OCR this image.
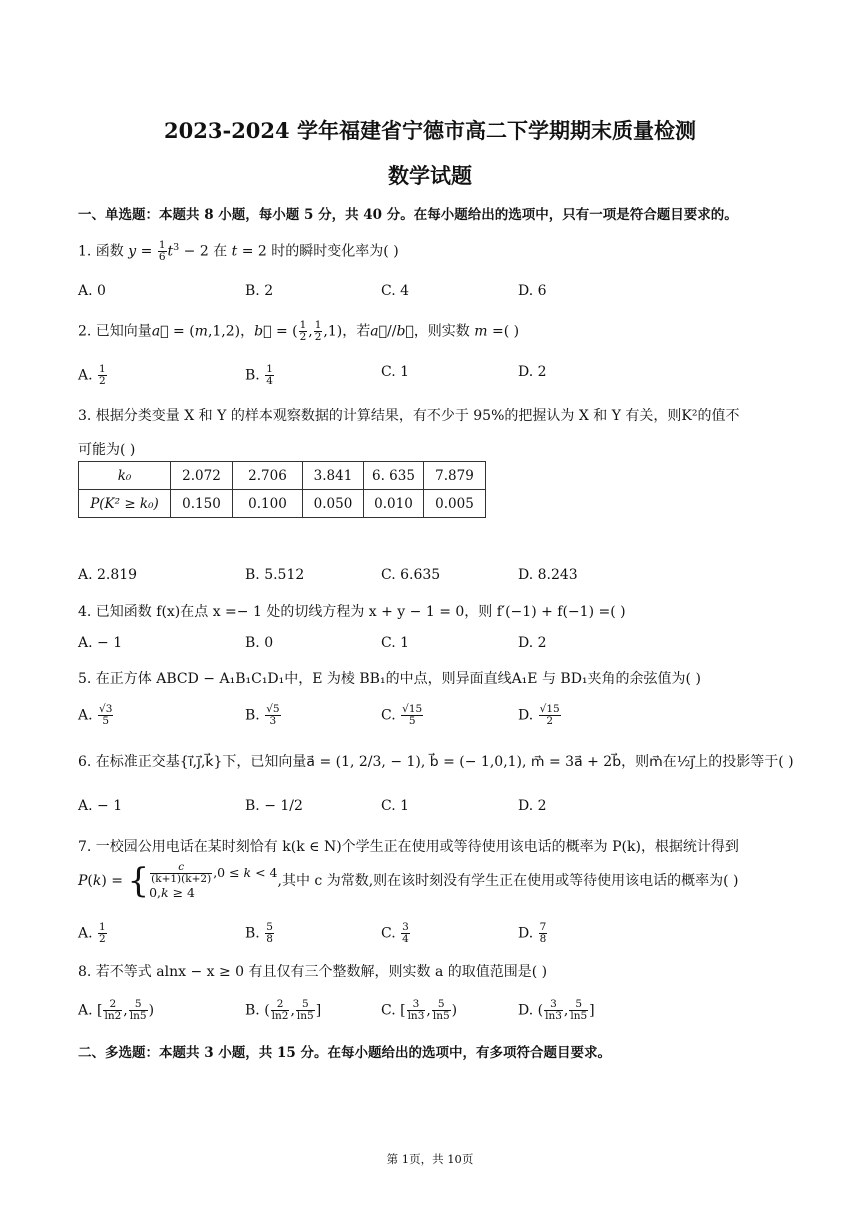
2023-2024 学年福建省宁德市高二下学期期末质量检测
数学试题
一、单选题：本题共 8 小题，每小题 5 分，共 40 分。在每小题给出的选项中，只有一项是符合题目要求的。
1. 函数 $y = \frac{1}{6} t^3 - 2$ 在 t = 2 时的瞬时变化率为( )
A. 0	B. 2	C. 4	D. 6
2. 已知向量a⃗ = (m,1,2)，b⃗ = ( $\frac{1}{2}$ , $\frac{1}{2} ,1$)，若a⃗//b⃗，则实数 m =( )
A. $\frac{1}{2}$	B. $\frac{1}{4}$	C. 1	D. 2
3. 根据分类变量 X 和 Y 的样本观察数据的计算结果，有不少于 95%的把握认为 X 和 Y 有关，则K²的值不
可能为( )
k₀	2.072	2.706	3.841	6. 635	7.879
P(K² ≥ k₀)	0.150	0.100	0.050	0.010	0.005
A. 2.819	B. 5.512	C. 6.635	D. 8.243
4. 已知函数 f(x)在点 x =− 1 处的切线方程为 x + y − 1 = 0，则 f′(−1) + f(−1) =( )
A. − 1	B. 0	C. 1	D. 2
5. 在正方体 ABCD − A₁B₁C₁D₁中，E 为棱 BB₁的中点，则异面直线A₁E 与 BD₁夹角的余弦值为( )
A. $\frac{√3}{5}$	B. $\frac{√5}{3}$	C. $\frac{√15}{5}$	D. $\frac{√15}{2}$
6. 在标准正交基{i⃗,j⃗,k⃗}下，已知向量a⃗ = (1, 2/3, − 1), b⃗ = (− 1,0,1), m⃗ = 3a⃗ + 2b⃗，则m⃗在½j⃗上的投影等于( )
A. − 1	B. − 1/2	C. 1	D. 2
7. 一校园公用电话在某时刻恰有 k(k ∈ N)个学生正在使用或等待使用该电话的概率为 P(k)，根据统计得到
P(k) = { $\frac{c}{(k+1)(k+2)} ,0 \le k < 4$
0,k ≥ 4,其中 c 为常数,则在该时刻没有学生正在使用或等待使用该电话的概率为( )
A. $\frac{1}{2}$	B. $\frac{5}{8}$	C. $\frac{3}{4}$	D. $\frac{7}{8}$
8. 若不等式 alnx − x ≥ 0 有且仅有三个整数解，则实数 a 的取值范围是( )
A. [ $\frac{2}{\ln 2}$ , $\frac{5}{\ln 5}$ )	B. ( $\frac{2}{\ln 2}$ , $\frac{5}{\ln 5}$ ]	C. [ $\frac{3}{\ln 3}$ , $\frac{5}{\ln 5}$ )	D. ( $\frac{3}{\ln 3}$ , $\frac{5}{\ln 5}$ ]
二、多选题：本题共 3 小题，共 15 分。在每小题给出的选项中，有多项符合题目要求。
第 1页，共 10页
